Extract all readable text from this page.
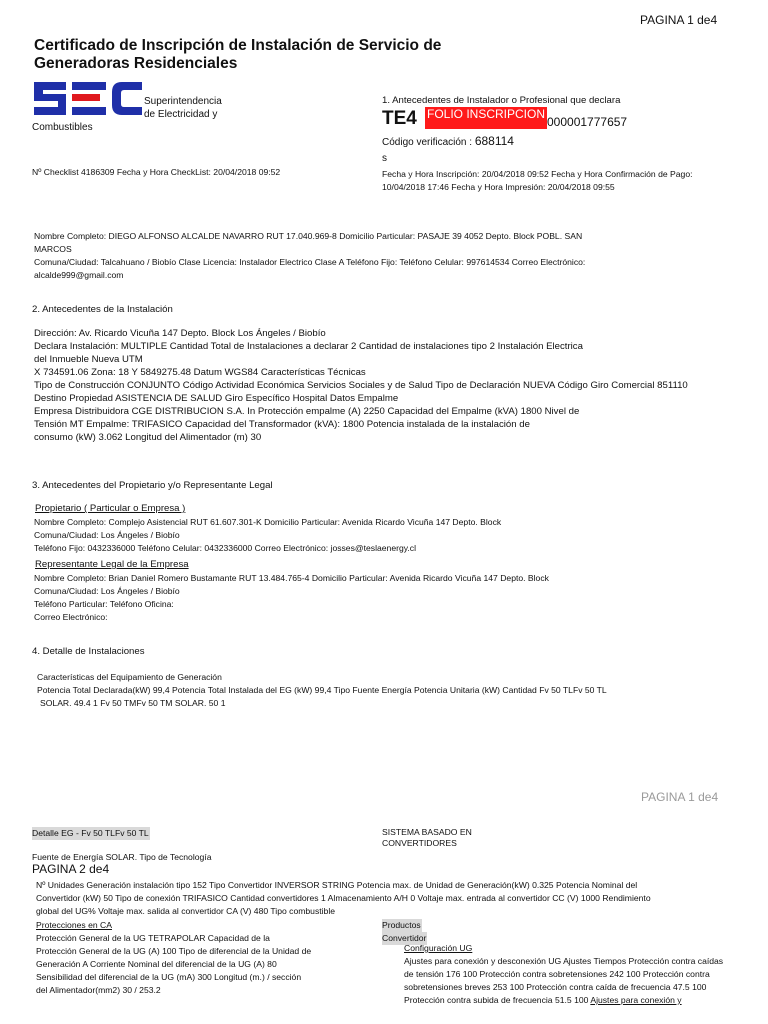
PAGINA 1 de4
Certificado de Inscripción de Instalación de Servicio de
Generadoras Residenciales
Superintendencia
de Electricidad y
Combustibles
1. Antecedentes de Instalador o Profesional que declara
TE4 FOLIO INSCRIPCION
000001777657
Código verificación : 688114
s
Nº Checklist 4186309 Fecha y Hora CheckList: 20/04/2018 09:52	Fecha y Hora Inscripción: 20/04/2018 09:52 Fecha y Hora Confirmación de Pago:
10/04/2018 17:46 Fecha y Hora Impresión: 20/04/2018 09:55
Nombre Completo: DIEGO ALFONSO ALCALDE NAVARRO RUT 17.040.969-8 Domicilio Particular: PASAJE 39 4052 Depto. Block POBL. SAN
MARCOS
Comuna/Ciudad: Talcahuano / Biobío Clase Licencia: Instalador Electrico Clase A Teléfono Fijo: Teléfono Celular: 997614534 Correo Electrónico:
alcalde999@gmail.com
2. Antecedentes de la Instalación
Dirección: Av. Ricardo Vicuña 147 Depto. Block Los Ángeles / Biobío
Declara Instalación: MULTIPLE Cantidad Total de Instalaciones a declarar 2 Cantidad de instalaciones tipo 2 Instalación Electrica
del Inmueble Nueva UTM
X 734591.06 Zona: 18 Y 5849275.48 Datum WGS84 Características Técnicas
Tipo de Construcción CONJUNTO Código Actividad Económica Servicios Sociales y de Salud Tipo de Declaración NUEVA Código Giro Comercial 851110
Destino Propiedad ASISTENCIA DE SALUD Giro Específico Hospital Datos Empalme
Empresa Distribuidora CGE DISTRIBUCION S.A. In Protección empalme (A) 2250 Capacidad del Empalme (kVA) 1800 Nivel de
Tensión MT Empalme: TRIFASICO Capacidad del Transformador (kVA): 1800 Potencia instalada de la instalación de
consumo (kW) 3.062 Longitud del Alimentador (m) 30
3. Antecedentes del Propietario y/o Representante Legal
Propietario ( Particular o Empresa )
Nombre Completo: Complejo Asistencial RUT 61.607.301-K Domicilio Particular: Avenida Ricardo Vicuña 147 Depto. Block
Comuna/Ciudad: Los Ángeles / Biobío
Teléfono Fijo: 0432336000 Teléfono Celular: 0432336000 Correo Electrónico: josses@teslaenergy.cl
Representante Legal de la Empresa
Nombre Completo: Brian Daniel Romero Bustamante RUT 13.484.765-4 Domicilio Particular: Avenida Ricardo Vicuña 147 Depto. Block
Comuna/Ciudad: Los Ángeles / Biobío
Teléfono Particular: Teléfono Oficina:
Correo Electrónico:
4. Detalle de Instalaciones
Características del Equipamiento de Generación
Potencia Total Declarada(kW) 99,4 Potencia Total Instalada del EG (kW) 99,4 Tipo Fuente Energía Potencia Unitaria (kW) Cantidad Fv 50 TLFv 50 TL
SOLAR. 49.4 1 Fv 50 TMFv 50 TM SOLAR. 50 1
PAGINA 1 de4
Detalle EG - Fv 50 TLFv 50 TL	SISTEMA BASADO EN
CONVERTIDORES
Fuente de Energía SOLAR. Tipo de Tecnología
PAGINA 2 de4
Nº Unidades Generación instalación tipo 152 Tipo Convertidor INVERSOR STRING Potencia max. de Unidad de Generación(kW) 0.325 Potencia Nominal del
Convertidor (kW) 50 Tipo de conexión TRIFASICO Cantidad convertidores 1 Almacenamiento A/H 0 Voltaje max. entrada al convertidor CC (V) 1000 Rendimiento
global del UG% Voltaje max. salida al convertidor CA (V) 480 Tipo combustible
Protecciones en CA
Protección General de la UG TETRAPOLAR Capacidad de la
Protección General de la UG (A) 100 Tipo de diferencial de la Unidad de
Generación A Corriente Nominal del diferencial de la UG (A) 80
Sensibilidad del diferencial de la UG (mA) 300 Longitud (m.) / sección
del Alimentador(mm2) 30 / 253.2
Productos
Convertidor
Configuración UG
Ajustes para conexión y desconexión UG Ajustes Tiempos Protección contra caídas
de tensión 176 100 Protección contra sobretensiones 242 100 Protección contra
sobretensiones breves 253 100 Protección contra caída de frecuencia 47.5 100
Protección contra subida de frecuencia 51.5 100 Ajustes para conexión y
